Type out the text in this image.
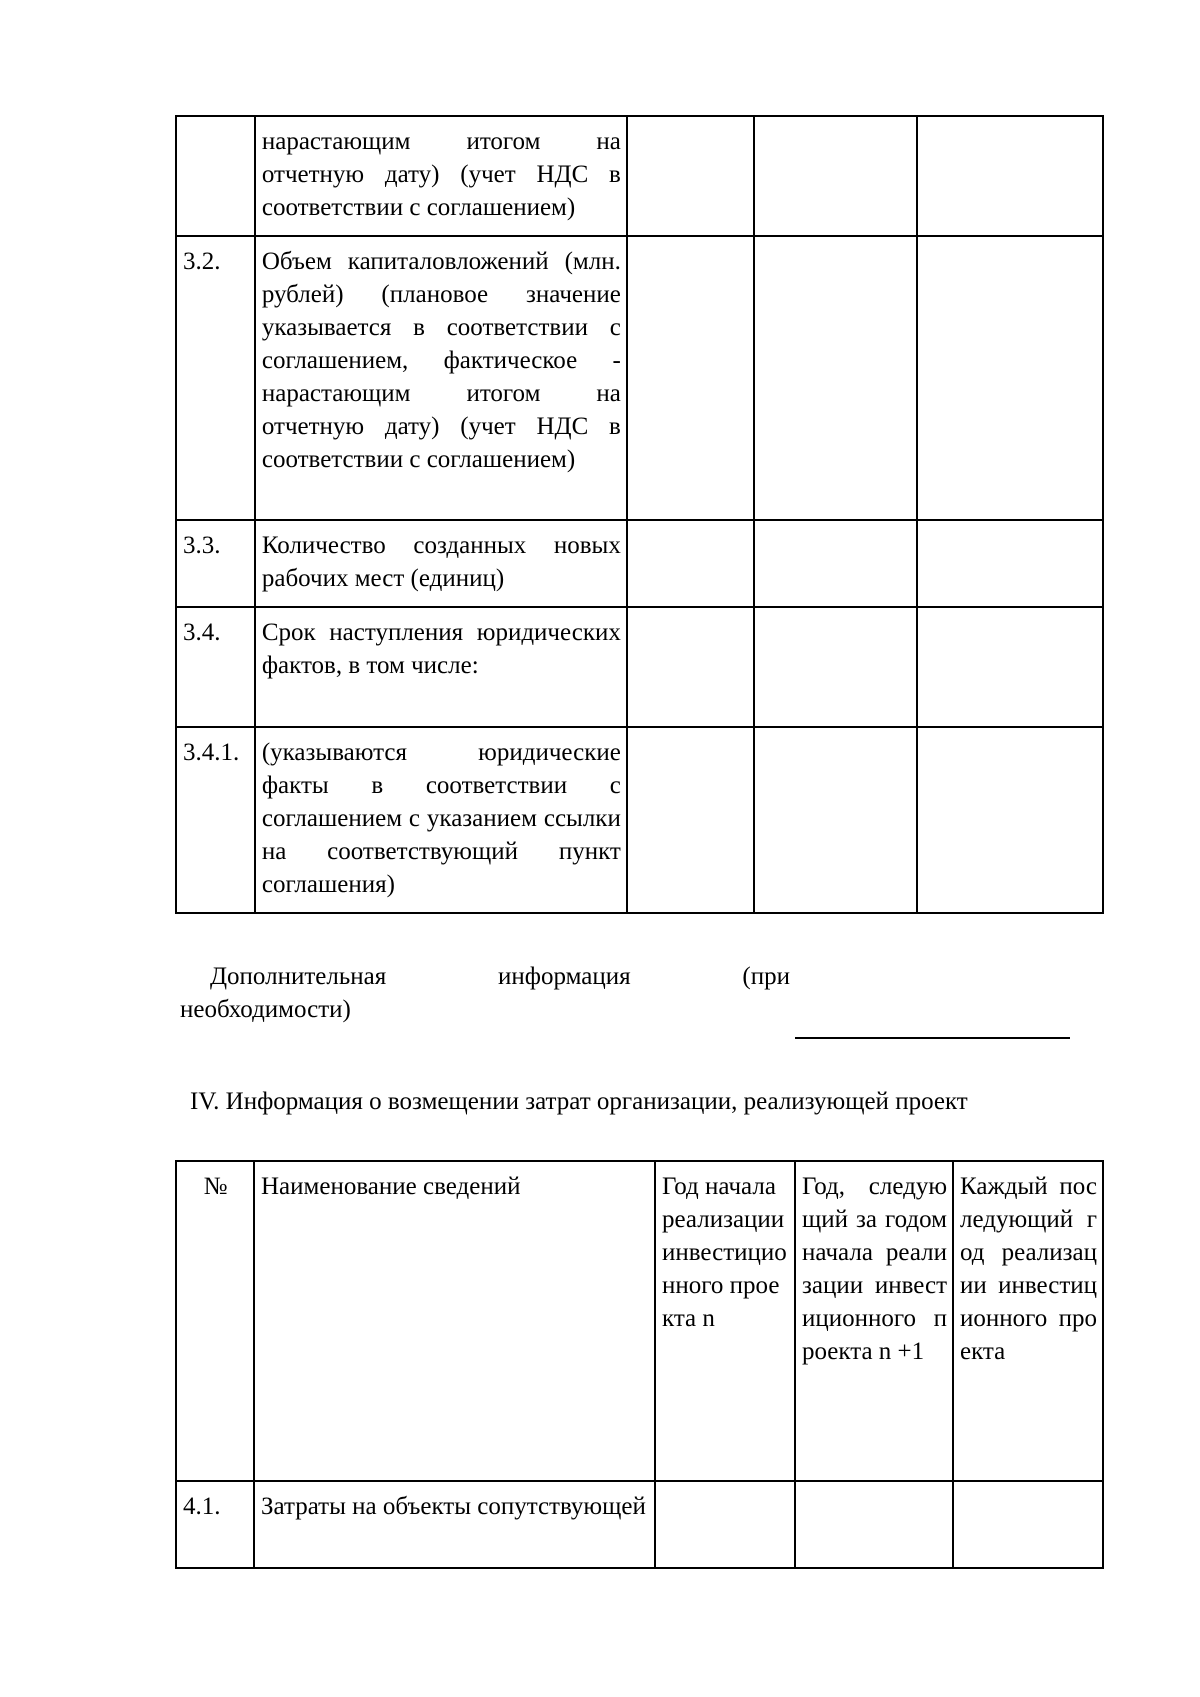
	нарастающим итогом на отчетную дату) (учет НДС в соответствии с соглашением)			
3.2.	Объем капиталовложений (млн. рублей) (плановое значение указывается в соответствии с соглашением, фактическое - нарастающим итогом на отчетную дату) (учет НДС в соответствии с соглашением)			
3.3.	Количество созданных новых рабочих мест (единиц)			
3.4.	Срок наступления юридических фактов, в том числе:			
3.4.1.	(указываются юридические факты в соответствии с соглашением с указанием ссылки на соответствующий пункт соглашения)			
Дополнительная информация (при
необходимости)
IV. Информация о возмещении затрат организации, реализующей проект
№	Наименование сведений	Год начала реализации инвестиционного проекта n	Год, следующий за годом начала реализации инвестиционного проекта n +1	Каждый последующий год реализации инвестиционного проекта
4.1.	Затраты на объекты сопутствующей			
